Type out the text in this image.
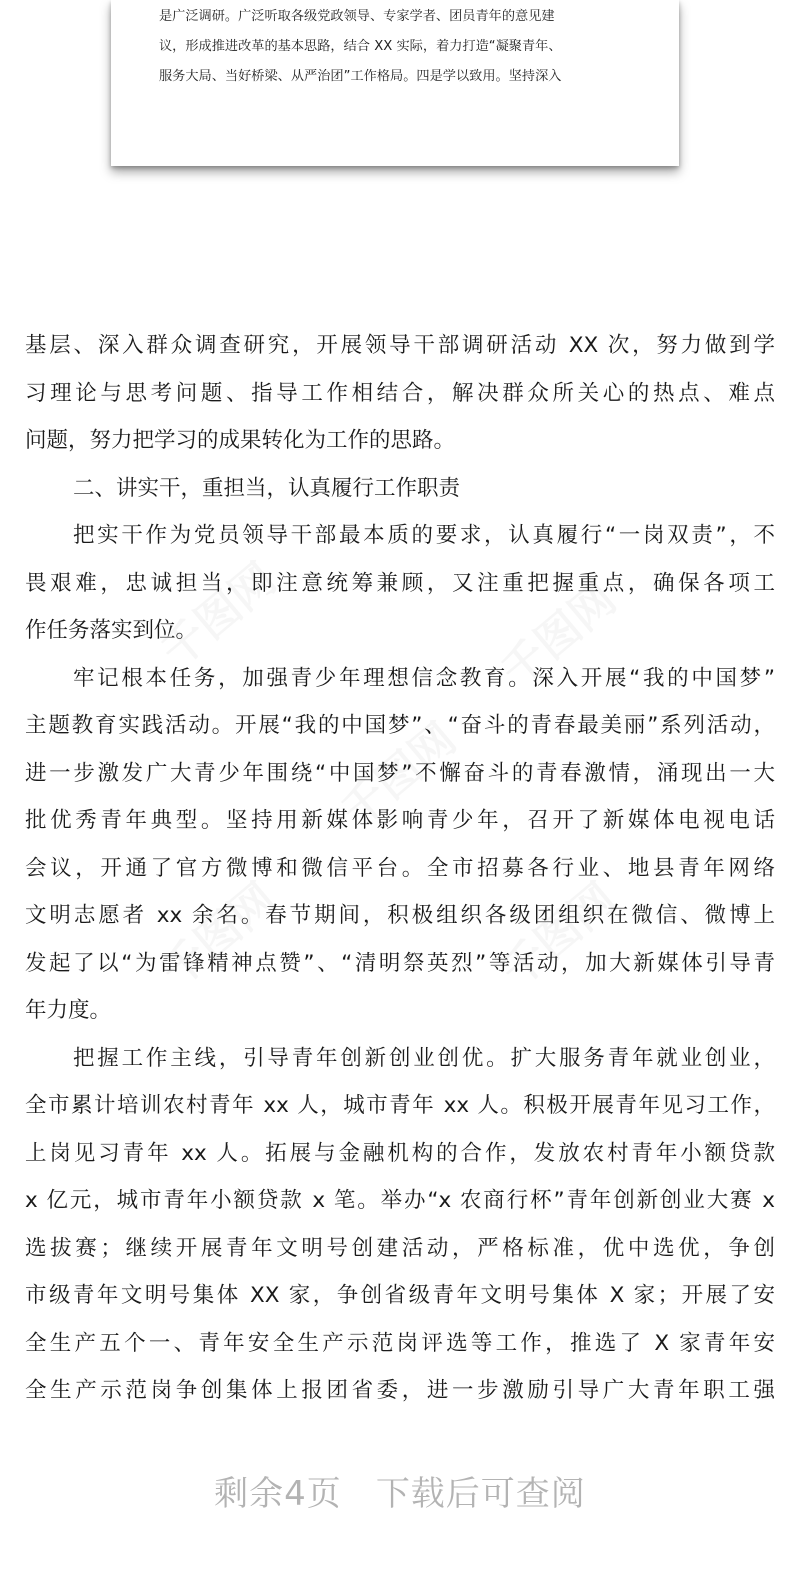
是广泛调研。广泛听取各级党政领导、专家学者、团员青年的意见建
议，形成推进改革的基本思路，结合 XX 实际，着力打造“凝聚青年、
服务大局、当好桥梁、从严治团”工作格局。四是学以致用。坚持深入
基层、深入群众调查研究，开展领导干部调研活动 XX 次，努力做到学
习理论与思考问题、指导工作相结合，解决群众所关心的热点、难点
问题，努力把学习的成果转化为工作的思路。
二、讲实干，重担当，认真履行工作职责
把实干作为党员领导干部最本质的要求，认真履行“一岗双责”，不
畏艰难，忠诚担当，即注意统筹兼顾，又注重把握重点，确保各项工
作任务落实到位。
牢记根本任务，加强青少年理想信念教育。深入开展“我的中国梦”
主题教育实践活动。开展“我的中国梦”、“奋斗的青春最美丽”系列活动，
进一步激发广大青少年围绕“中国梦”不懈奋斗的青春激情，涌现出一大
批优秀青年典型。坚持用新媒体影响青少年，召开了新媒体电视电话
会议，开通了官方微博和微信平台。全市招募各行业、地县青年网络
文明志愿者 xx 余名。春节期间，积极组织各级团组织在微信、微博上
发起了以“为雷锋精神点赞”、“清明祭英烈”等活动，加大新媒体引导青
年力度。
把握工作主线，引导青年创新创业创优。扩大服务青年就业创业，
全市累计培训农村青年 xx 人，城市青年 xx 人。积极开展青年见习工作，
上岗见习青年 xx 人。拓展与金融机构的合作，发放农村青年小额贷款
x 亿元，城市青年小额贷款 x 笔。举办“x 农商行杯”青年创新创业大赛 x
选拔赛；继续开展青年文明号创建活动，严格标准，优中选优，争创
市级青年文明号集体 XX 家，争创省级青年文明号集体 X 家；开展了安
全生产五个一、青年安全生产示范岗评选等工作，推选了 X 家青年安
全生产示范岗争创集体上报团省委，进一步激励引导广大青年职工强
剩余4页 下载后可查阅
